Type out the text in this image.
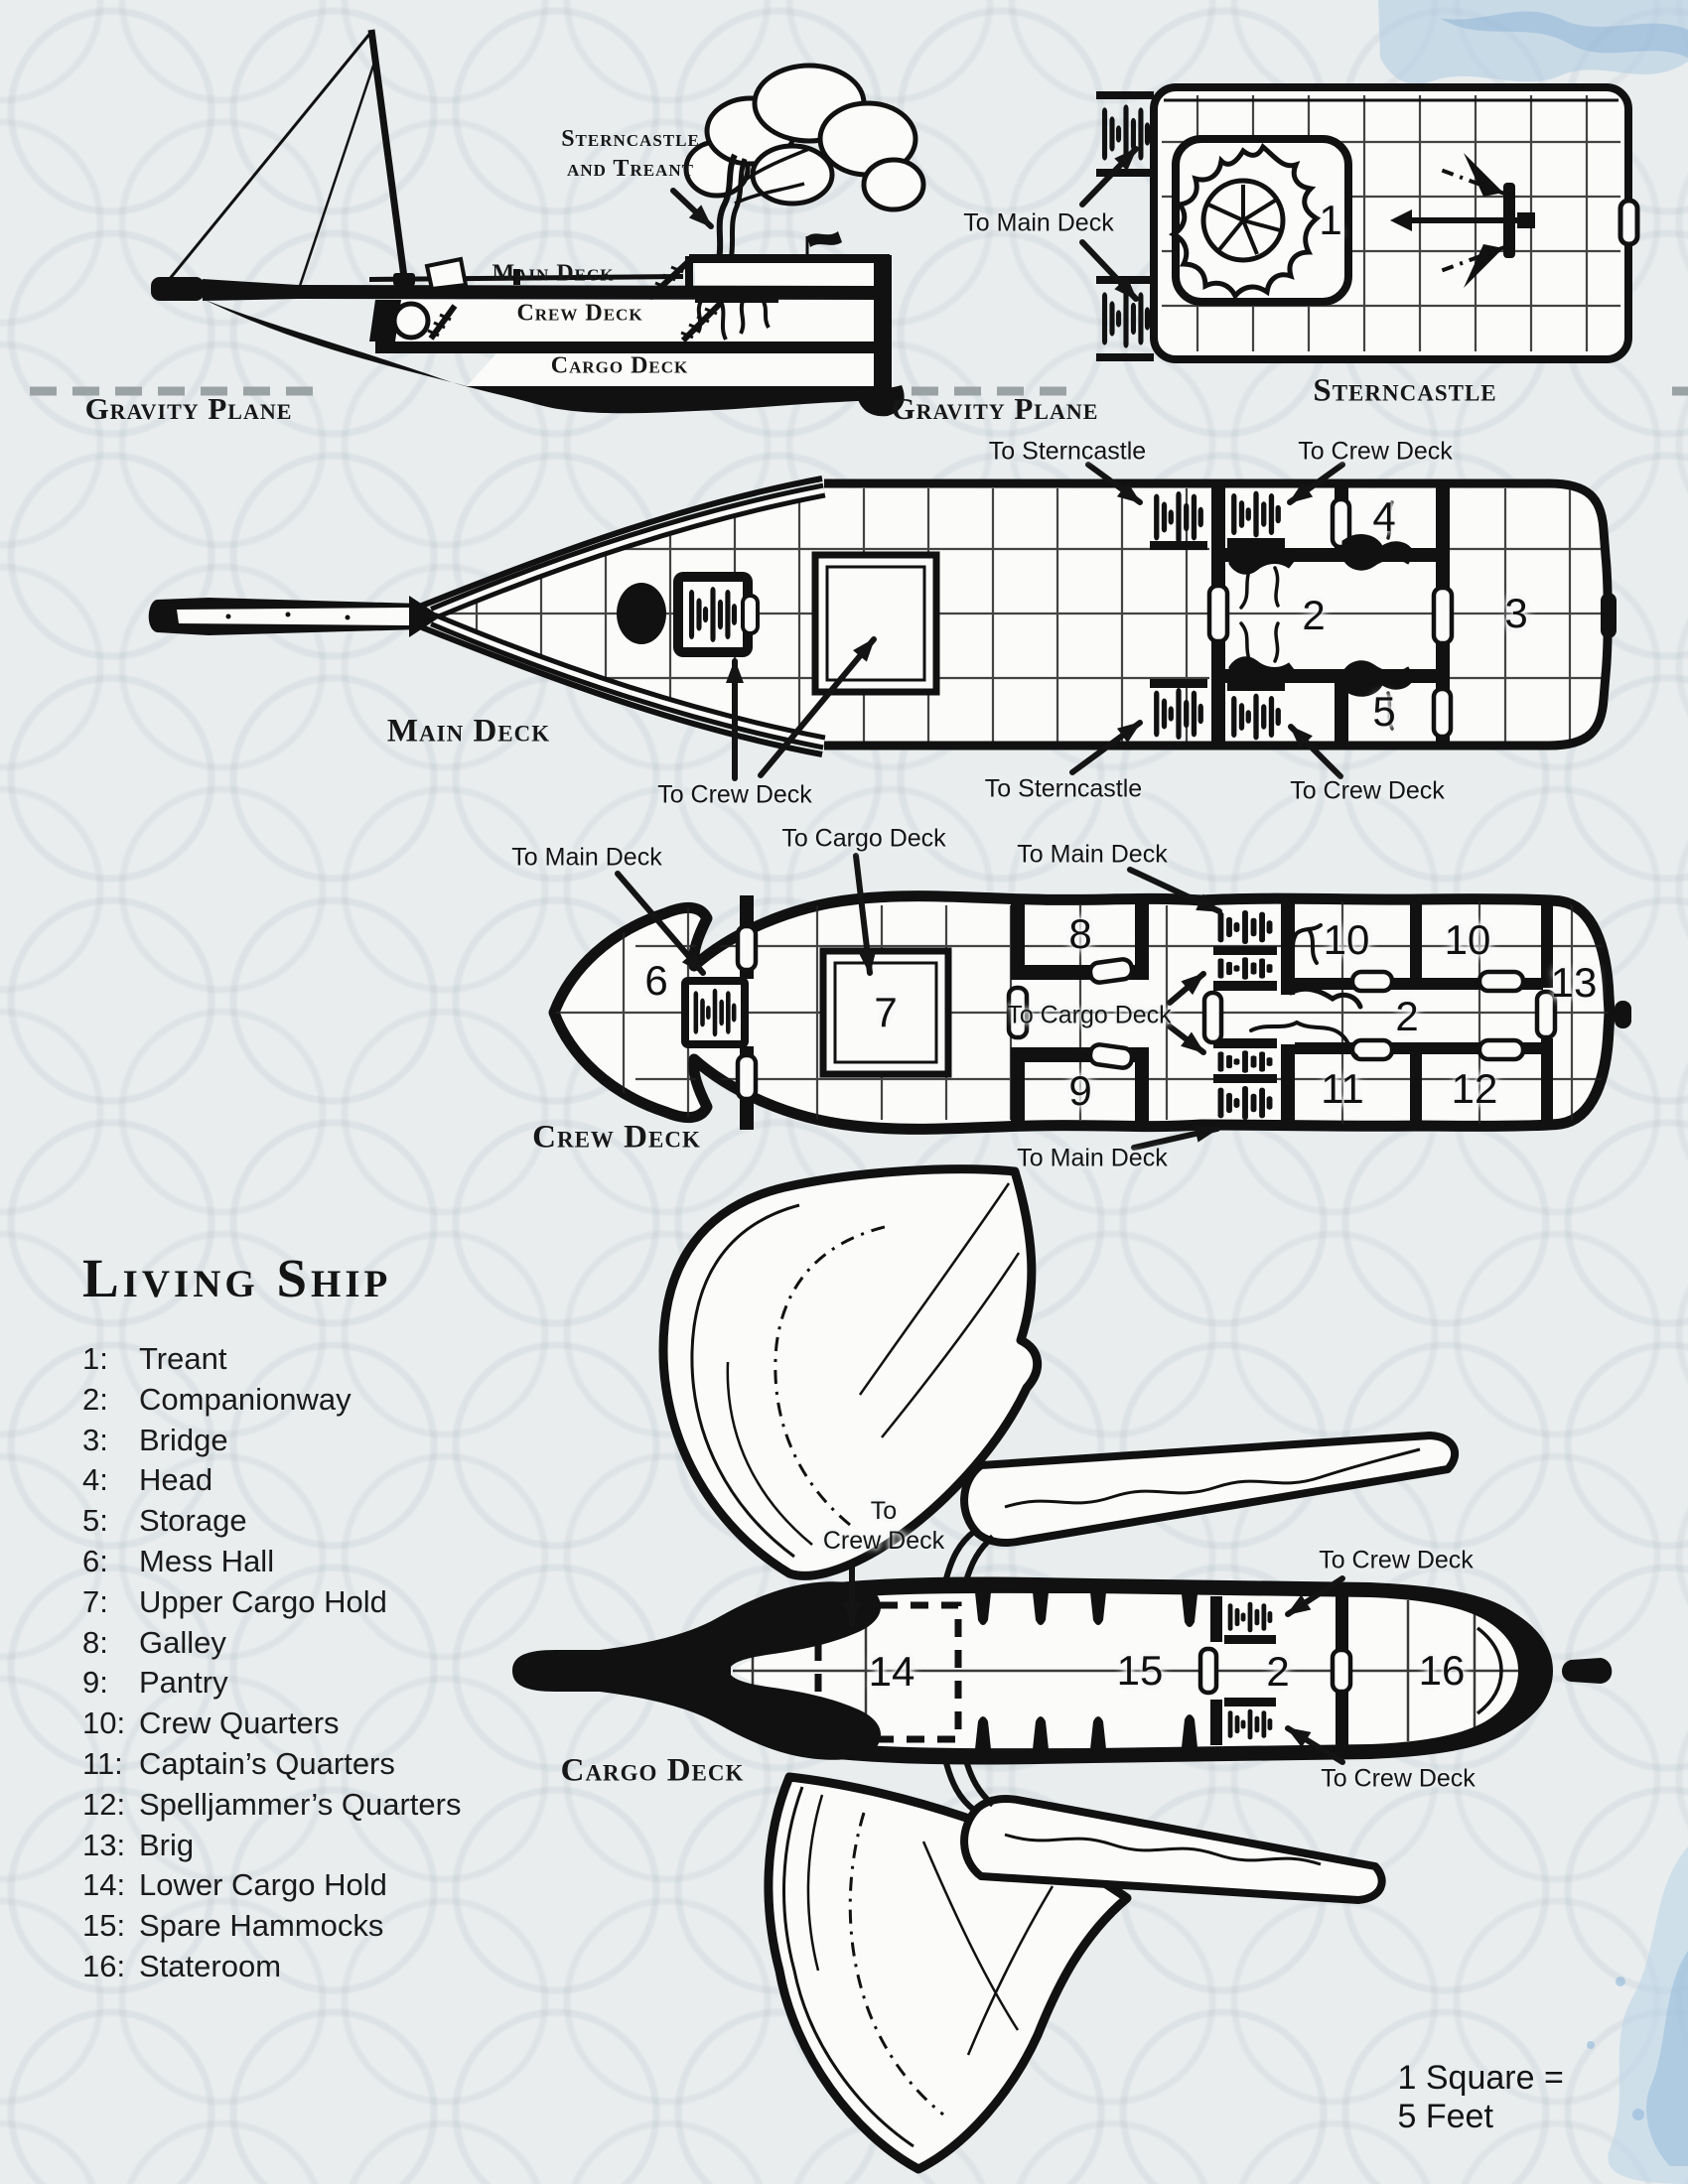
Sterncastle
and Treant
Main Deck
Crew Deck
Cargo Deck
Gravity Plane	Gravity Plane
To Main Deck
Sterncastle
1
To Sterncastle	To Crew Deck
Main Deck
To Crew Deck	To Sterncastle	To Crew Deck
2	3
4
5
To Main Deck
To Cargo Deck
To Main Deck
To Cargo Deck
To Main Deck
Crew Deck
6
7
8
9
10 10
2
11 12
13
To
Crew Deck
To Crew Deck
To Crew Deck
Cargo Deck
14	15 2	16
Living Ship
1: Treant
2: Companionway
3: Bridge
4: Head
5: Storage
6: Mess Hall
7: Upper Cargo Hold
8: Galley
9: Pantry
10: Crew Quarters
11: Captain’s Quarters
12: Spelljammer’s Quarters
13: Brig
14: Lower Cargo Hold
15: Spare Hammocks
16: Stateroom
1 Square = 5 Feet
